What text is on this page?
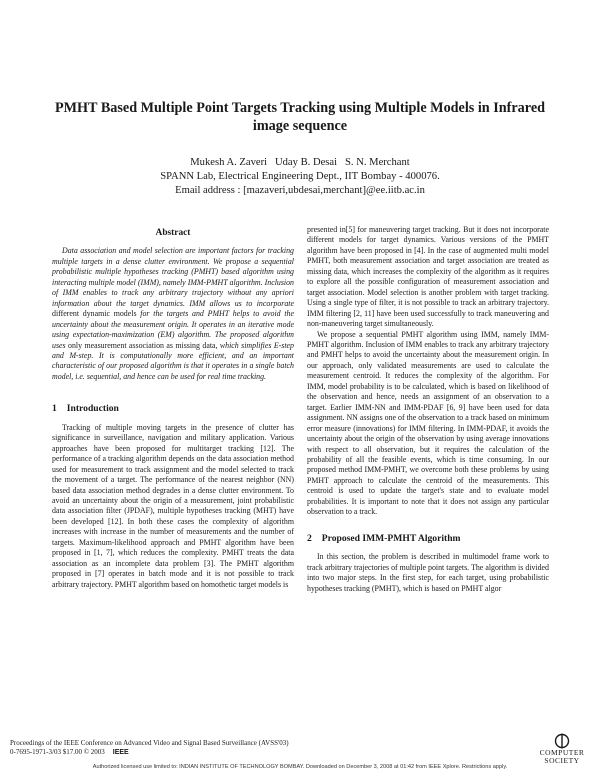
PMHT Based Multiple Point Targets Tracking using Multiple Models in Infrared image sequence
Mukesh A. Zaveri   Uday B. Desai   S. N. Merchant
SPANN Lab, Electrical Engineering Dept., IIT Bombay - 400076.
Email address : [mazaveri,ubdesai,merchant]@ee.iitb.ac.in
Abstract

Data association and model selection are important factors for tracking multiple targets in a dense clutter environment. We propose a sequential probabilistic multiple hypotheses tracking (PMHT) based algorithm using interacting multiple model (IMM), namely IMM-PMHT algorithm. Inclusion of IMM enables to track any arbitrary trajectory without any apriori information about the target dynamics. IMM allows us to incorporate different dynamic models for the targets and PMHT helps to avoid the uncertainty about the measurement origin. It operates in an iterative mode using expectation-maximization (EM) algorithm. The proposed algorithm uses only measurement association as missing data, which simplifies E-step and M-step. It is computationally more efficient, and an important characteristic of our proposed algorithm is that it operates in a single batch model, i.e. sequential, and hence can be used for real time tracking.

1 Introduction

Tracking of multiple moving targets in the presence of clutter has significance in surveillance, navigation and military application. Various approaches have been proposed for multitarget tracking [12]. The performance of a tracking algorithm depends on the data association method used for measurement to track assignment and the model selected to track the movement of a target. The performance of the nearest neighbor (NN) based data association method degrades in a dense clutter environment. To avoid an uncertainty about the origin of a measurement, joint probabilistic data association filter (JPDAF), multiple hypotheses tracking (MHT) have been developed [12]. In both these cases the complexity of algorithm increases with increase in the number of measurements and the number of targets. Maximum-likelihood approach and PMHT algorithm have been proposed in [1, 7], which reduces the complexity. PMHT treats the data association as an incomplete data problem [3]. The PMHT algorithm proposed in [7] operates in batch mode and it is not possible to track arbitrary trajectory. PMHT algorithm based on homothetic target models is

presented in[5] for maneuvering target tracking. But it does not incorporate different models for target dynamics. Various versions of the PMHT algorithm have been proposed in [4]. In the case of augmented multi model PMHT, both measurement association and target association are treated as missing data, which increases the complexity of the algorithm as it requires to explore all the possible configuration of measurement association and target association. Model selection is another problem with target tracking. Using a single type of filter, it is not possible to track an arbitrary trajectory. IMM filtering [2, 11] have been used successfully to track maneuvering and non-maneuvering target simultaneously.

We propose a sequential PMHT algorithm using IMM, namely IMM-PMHT algorithm. Inclusion of IMM enables to track any arbitrary trajectory and PMHT helps to avoid the uncertainty about the measurement origin. In our approach, only validated measurements are used to calculate the measurement centroid. It reduces the complexity of the algorithm. For IMM, model probability is to be calculated, which is based on likelihood of the observation and hence, needs an assignment of an observation to a target. Earlier IMM-NN and IMM-PDAF [6, 9] have been used for data assignment. NN assigns one of the observation to a track based on minimum error measure (innovations) for IMM filtering. In IMM-PDAF, it avoids the uncertainty about the origin of the observation by using average innovations with respect to all observation, but it requires the calculation of the probability of all the feasible events, which is time consuming. In our proposed method IMM-PMHT, we overcome both these problems by using PMHT approach to calculate the centroid of the measurements. This centroid is used to update the target's state and to evaluate model probabilities. It is important to note that it does not assign any particular observation to a track.

2 Proposed IMM-PMHT Algorithm

In this section, the problem is described in multimodel frame work to track arbitrary trajectories of multiple point targets. The algorithm is divided into two major steps. In the first step, for each target, using probabilistic hypotheses tracking (PMHT), which is based on PMHT algor

Proceedings of the IEEE Conference on Advanced Video and Signal Based Surveillance (AVSS'03)
0-7695-1971-3/03 $17.00 © 2003 IEEE	COMPUTER
SOCIETY
Authorized licensed use limited to: INDIAN INSTITUTE OF TECHNOLOGY BOMBAY. Downloaded on December 3, 2008 at 01:42 from IEEE Xplore. Restrictions apply.
